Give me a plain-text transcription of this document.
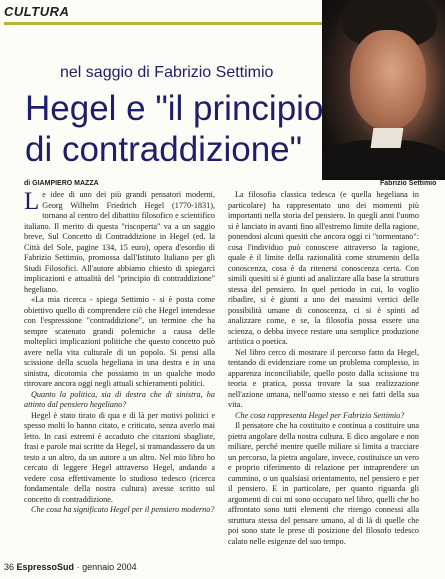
CULTURA
nel saggio di Fabrizio Settimio
Hegel e "il principio di contraddizione"
di GIAMPIERO MAZZA	Fabrizio Settimio

Le idee di uno dei più grandi pensatori moderni, Georg Wilhelm Friedrich Hegel (1770-1831), tornano al centro del dibattito filosofico e scientifico italiano. Il merito di questa "riscoperta" va a un saggio breve, Sul Concetto di Contraddizione in Hegel (ed. la Città del Sole, pagine 134, 15 euro), opera d'esordio di Fabrizio Settimio, promossa dall'Istituto Italiano per gli Studi Filosofici. All'autore abbiamo chiesto di spiegarci implicazioni e attualità del "principio di contraddizione" hegeliano.

«La mia ricerca - spiega Settimio - si è posta come obiettivo quello di comprendere ciò che Hegel intendesse con l'espressione "contraddizione", un termine che ha sempre scatenato grandi polemiche a causa delle molteplici implicazioni politiche che questo concetto può avere nella vita culturale di un popolo. Si pensi alla scissione della scuola hegeliana in una destra e in una sinistra, dicotomia che possiamo in un qualche modo ritrovare ancora oggi negli attuali schieramenti politici.

Quanto la politica, sia di destra che di sinistra, ha attinto dal pensiero hegeliano?

Hegel è stato tirato di qua e di là per motivi politici e spesso molti lo hanno citato, e criticato, senza averlo mai letto. In casi estremi è accaduto che citazioni sbagliate, frasi e parole mai scritte da Hegel, si tramandassero da un testo a un altro, da un autore a un altro. Nel mio libro ho cercato di leggere Hegel attraverso Hegel, andando a vedere cosa effettivamente lo studioso tedesco (ricerca fondamentale della nostra cultura) avesse scritto sul concetto di contraddizione.

Che cosa ha significato Hegel per il pensiero moderno?

La filosofia classica tedesca (e quella hegeliana in particolare) ha rappresentato uno dei momenti più importanti nella storia del pensiero. In quegli anni l'uomo si è lanciato in avanti fino all'estremo limite della ragione, ponendosi alcuni quesiti che ancora oggi ci "tormentano": cosa l'individuo può conoscere attraverso la ragione, quale è il limite della razionalità come strumento della conoscenza, cosa è da ritenersi conoscenza certa. Con simili quesiti si è giunti ad analizzare alla base la struttura stessa del pensiero. In quel periodo in cui, lo voglio ribadire, si è giunti a uno dei massimi vertici delle possibilità umane di conoscenza, ci si è spinti ad analizzare come, e se, la filosofia possa essere una scienza, o debba invece restare una semplice produzione artistica o poetica.

Nel libro cerco di mostrare il percorso fatto da Hegel, tentando di evidenziare come un problema complesso, in apparenza inconciliabile, quello posto dalla scissione tra teoria e pratica, possa trovare la sua realizzazione nell'azione umana, nell'uomo stesso e nei fatti della sua vita.

Che cosa rappresenta Hegel per Fabrizio Settimio?

Il pensatore che ha costituito e continua a costituire una pietra angolare della nostra cultura. E dico angolare e non miliare, perché mentre quelle miliare si limita a tracciare un percorso, la pietra angolare, invece, costituisce un vero e proprio riferimento di relazione per intraprendere un cammino, o un qualsiasi orientamento, nel pensiero e per il pensiero. E in particolare, per quanto riguarda gli argomenti di cui mi sono occupato nel libro, quelli che ho affrontato sono tutti elementi che ritengo connessi alla struttura stessa del pensare umano, al di là di quelle che poi sono state le prese di posizione del filosofo tedesco calato nelle esigenze del suo tempo.

36 EspressoSud · gennaio 2004
